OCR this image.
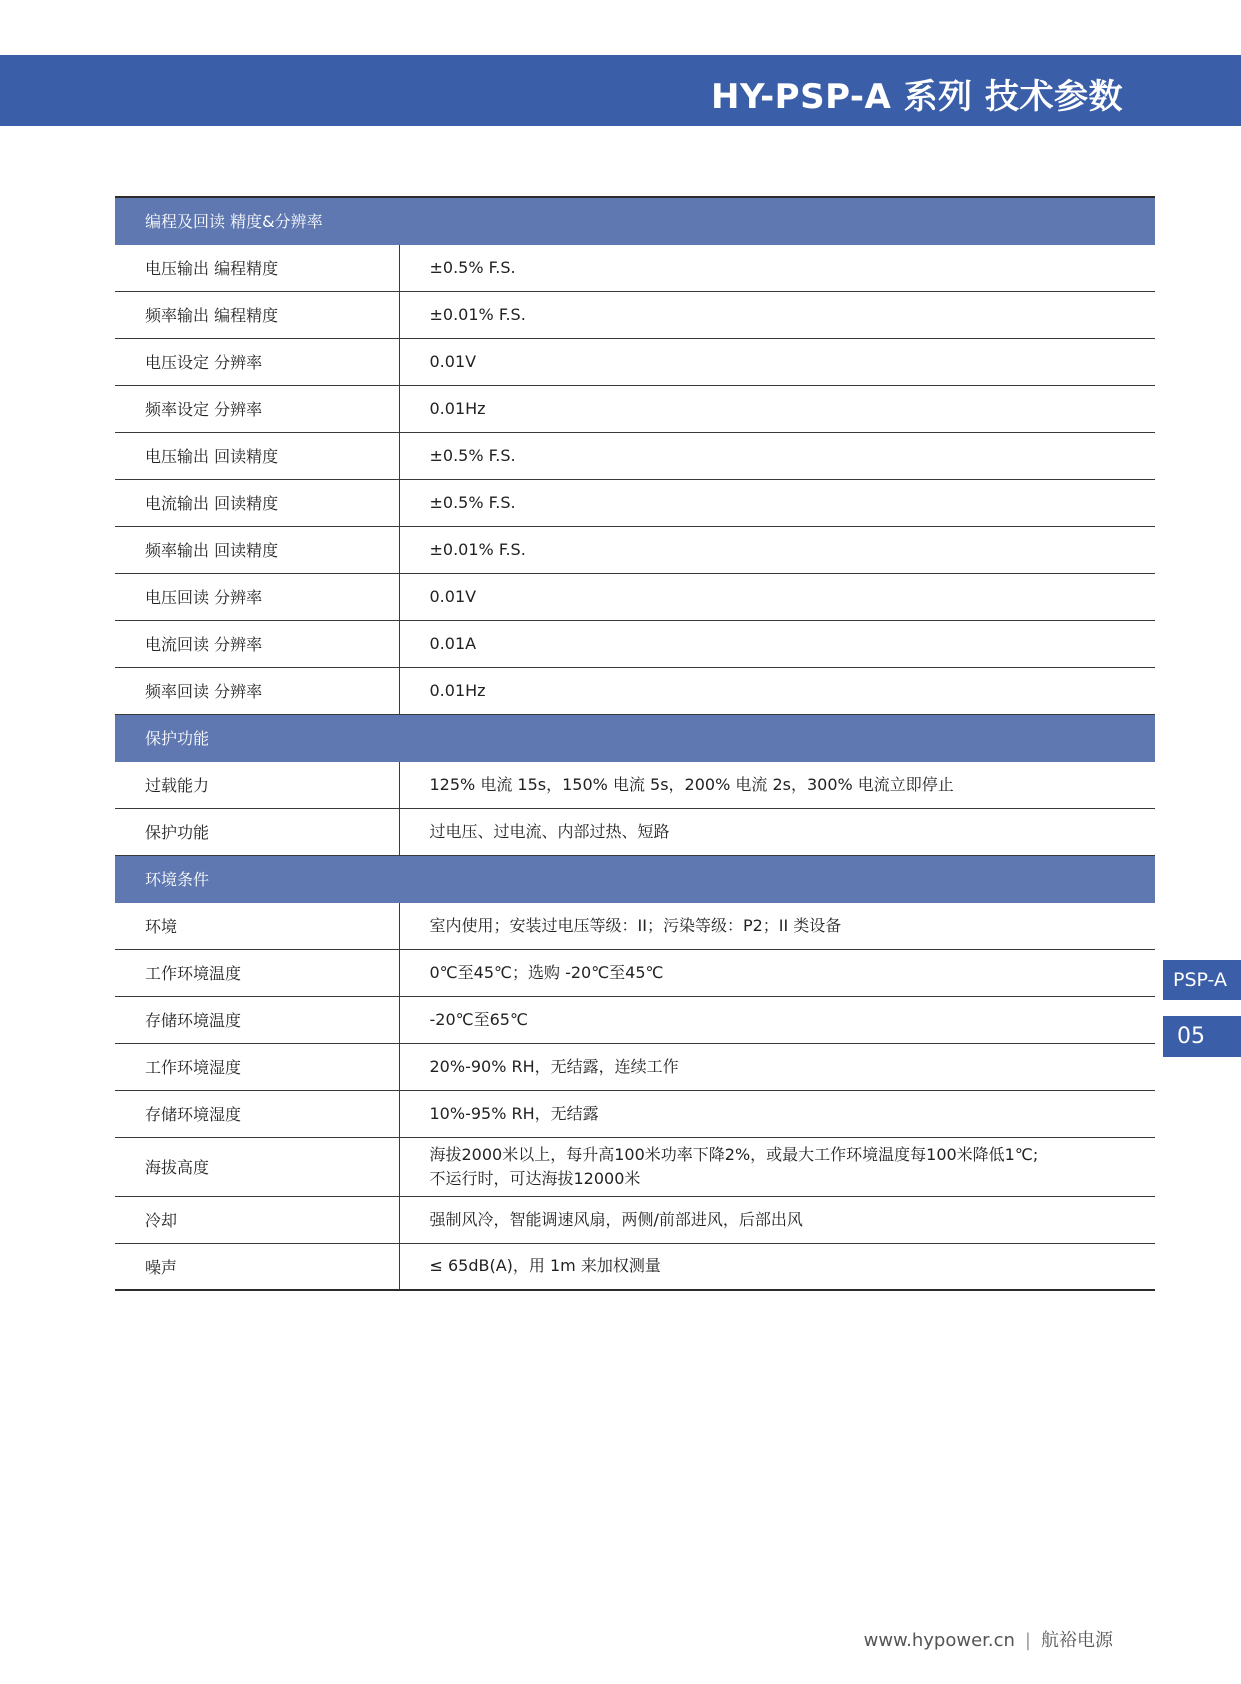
HY-PSP-A 系列 技术参数
编程及回读 精度&分辨率	
电压输出 编程精度	±0.5% F.S.
频率输出 编程精度	±0.01% F.S.
电压设定 分辨率	0.01V
频率设定 分辨率	0.01Hz
电压输出 回读精度	±0.5% F.S.
电流输出 回读精度	±0.5% F.S.
频率输出 回读精度	±0.01% F.S.
电压回读 分辨率	0.01V
电流回读 分辨率	0.01A
频率回读 分辨率	0.01Hz
保护功能	
过载能力	125% 电流 15s，150% 电流 5s，200% 电流 2s，300% 电流立即停止
保护功能	过电压、过电流、内部过热、短路
环境条件	
环境	室内使用；安装过电压等级：II；污染等级：P2；II 类设备
工作环境温度	0℃至45℃；选购 -20℃至45℃
存储环境温度	-20℃至65℃
工作环境湿度	20%-90% RH，无结露，连续工作
存储环境湿度	10%-95% RH，无结露
海拔高度	海拔2000米以上，每升高100米功率下降2%，或最大工作环境温度每100米降低1℃;
不运行时，可达海拔12000米

冷却	强制风冷，智能调速风扇，两侧/前部进风，后部出风
噪声	≤ 65dB(A)，用 1m 来加权测量
PSP-A
05
www.hypower.cn | 航裕电源
